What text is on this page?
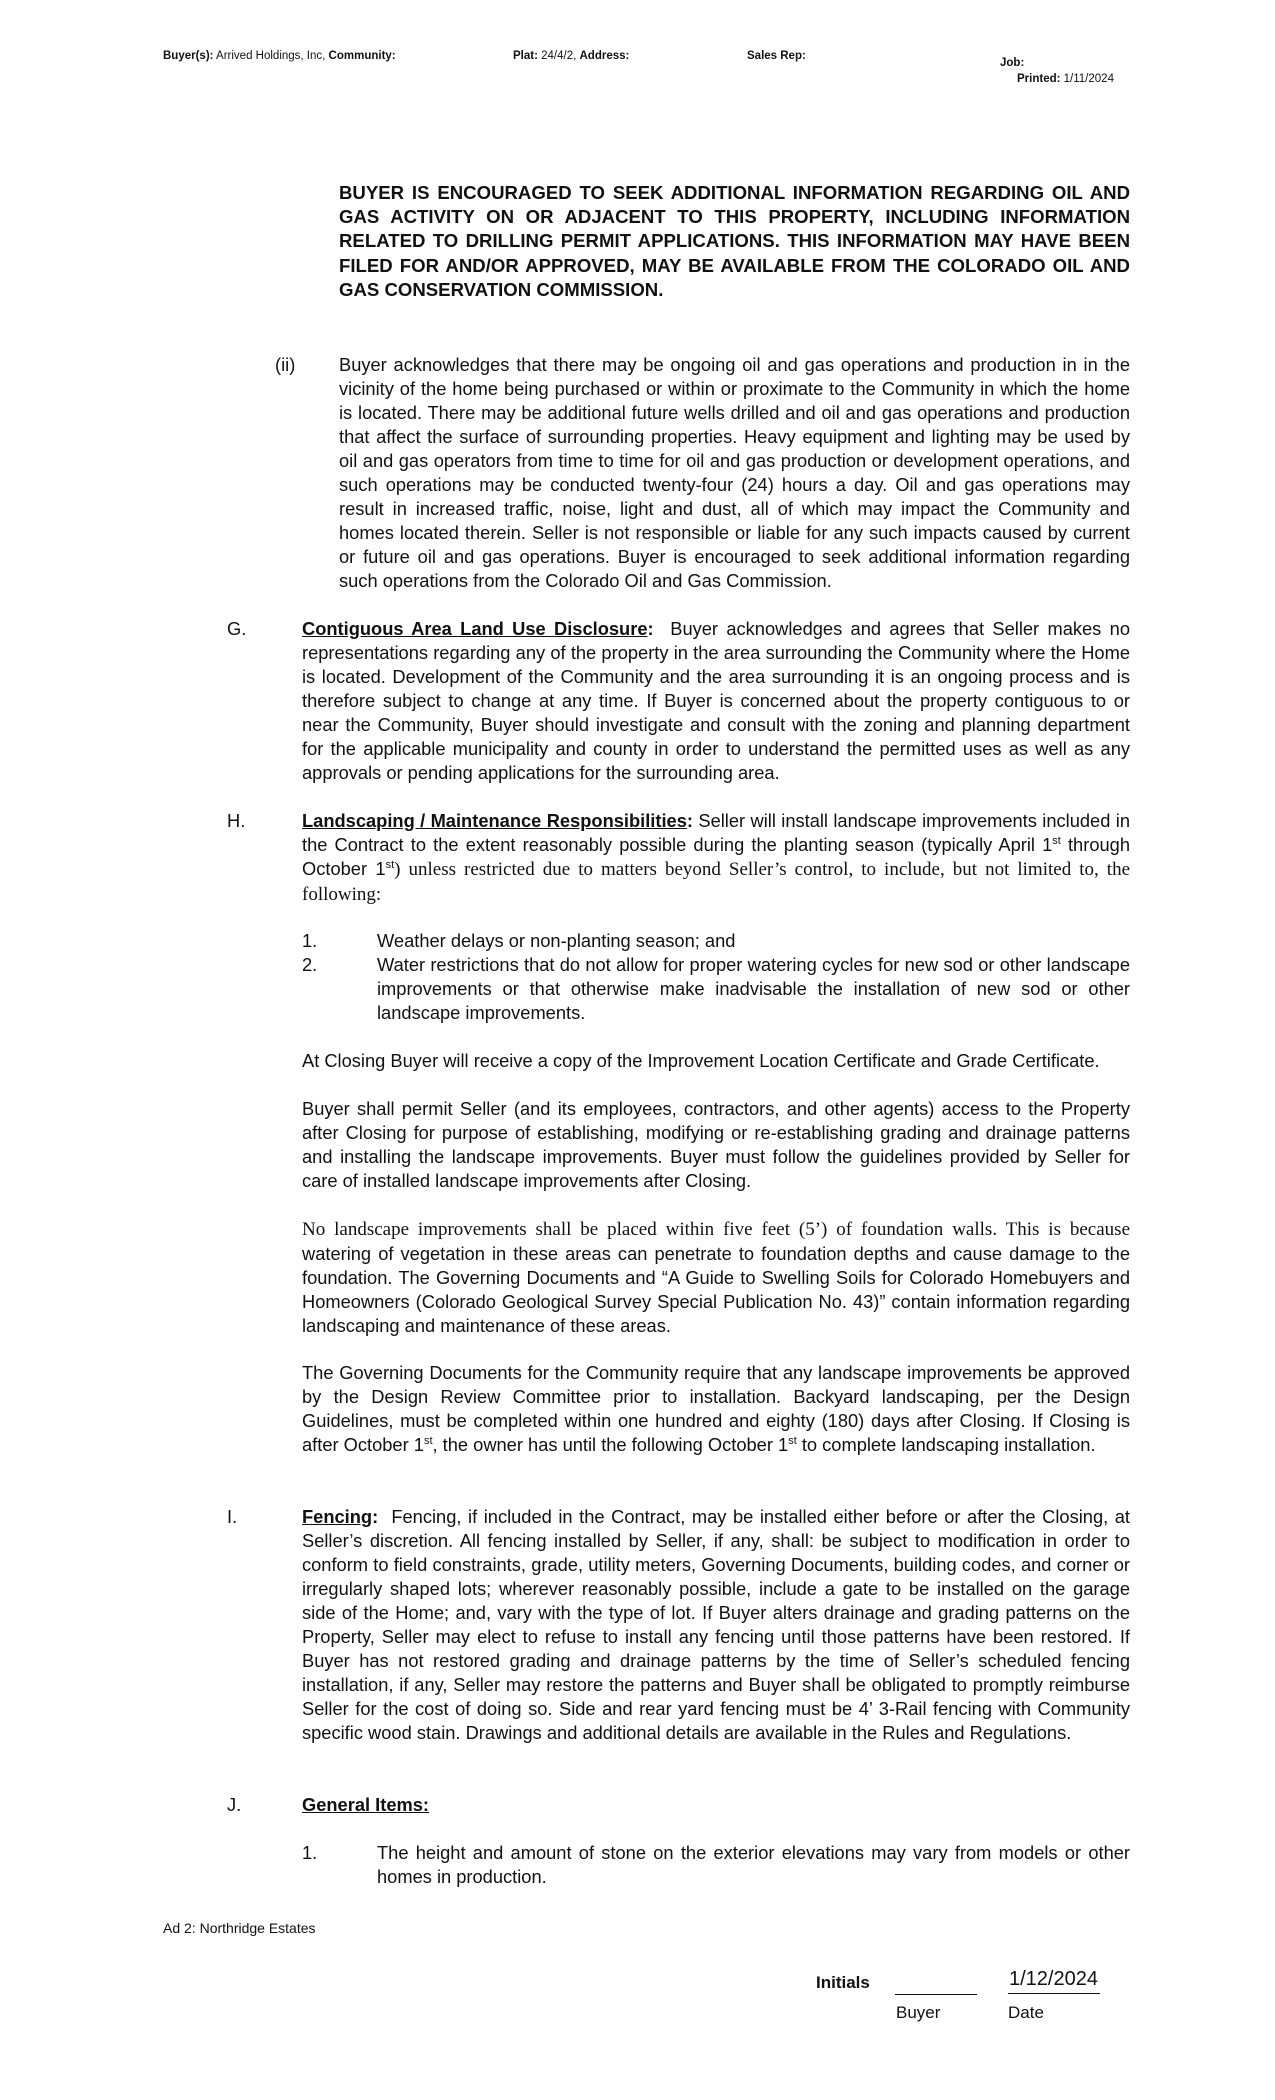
Buyer(s): Arrived Holdings, Inc, Community:	Plat: 24/4/2, Address:	Sales Rep:
Job:
Printed: 1/11/2024

BUYER IS ENCOURAGED TO SEEK ADDITIONAL INFORMATION REGARDING OIL AND GAS ACTIVITY ON OR ADJACENT TO THIS PROPERTY, INCLUDING INFORMATION RELATED TO DRILLING PERMIT APPLICATIONS. THIS INFORMATION MAY HAVE BEEN FILED FOR AND/OR APPROVED, MAY BE AVAILABLE FROM THE COLORADO OIL AND GAS CONSERVATION COMMISSION.

(ii) Buyer acknowledges that there may be ongoing oil and gas operations and production in in the vicinity of the home being purchased or within or proximate to the Community in which the home is located. There may be additional future wells drilled and oil and gas operations and production that affect the surface of surrounding properties. Heavy equipment and lighting may be used by oil and gas operators from time to time for oil and gas production or development operations, and such operations may be conducted twenty-four (24) hours a day. Oil and gas operations may result in increased traffic, noise, light and dust, all of which may impact the Community and homes located therein. Seller is not responsible or liable for any such impacts caused by current or future oil and gas operations. Buyer is encouraged to seek additional information regarding such operations from the Colorado Oil and Gas Commission.

G.	Contiguous Area Land Use Disclosure: Buyer acknowledges and agrees that Seller makes no representations regarding any of the property in the area surrounding the Community where the Home is located. Development of the Community and the area surrounding it is an ongoing process and is therefore subject to change at any time. If Buyer is concerned about the property contiguous to or near the Community, Buyer should investigate and consult with the zoning and planning department for the applicable municipality and county in order to understand the permitted uses as well as any approvals or pending applications for the surrounding area.

H.	Landscaping / Maintenance Responsibilities: Seller will install landscape improvements included in the Contract to the extent reasonably possible during the planting season (typically April 1st through October 1st) unless restricted due to matters beyond Seller’s control, to include, but not limited to, the following:

1.	Weather delays or non-planting season; and

2.	Water restrictions that do not allow for proper watering cycles for new sod or other landscape improvements or that otherwise make inadvisable the installation of new sod or other landscape improvements.

At Closing Buyer will receive a copy of the Improvement Location Certificate and Grade Certificate.

Buyer shall permit Seller (and its employees, contractors, and other agents) access to the Property after Closing for purpose of establishing, modifying or re-establishing grading and drainage patterns and installing the landscape improvements. Buyer must follow the guidelines provided by Seller for care of installed landscape improvements after Closing.

No landscape improvements shall be placed within five feet (5’) of foundation walls. This is because watering of vegetation in these areas can penetrate to foundation depths and cause damage to the foundation. The Governing Documents and “A Guide to Swelling Soils for Colorado Homebuyers and Homeowners (Colorado Geological Survey Special Publication No. 43)” contain information regarding landscaping and maintenance of these areas.

The Governing Documents for the Community require that any landscape improvements be approved by the Design Review Committee prior to installation. Backyard landscaping, per the Design Guidelines, must be completed within one hundred and eighty (180) days after Closing. If Closing is after October 1st, the owner has until the following October 1st to complete landscaping installation.

I.	Fencing: Fencing, if included in the Contract, may be installed either before or after the Closing, at Seller’s discretion. All fencing installed by Seller, if any, shall: be subject to modification in order to conform to field constraints, grade, utility meters, Governing Documents, building codes, and corner or irregularly shaped lots; wherever reasonably possible, include a gate to be installed on the garage side of the Home; and, vary with the type of lot. If Buyer alters drainage and grading patterns on the Property, Seller may elect to refuse to install any fencing until those patterns have been restored. If Buyer has not restored grading and drainage patterns by the time of Seller’s scheduled fencing installation, if any, Seller may restore the patterns and Buyer shall be obligated to promptly reimburse Seller for the cost of doing so. Side and rear yard fencing must be 4’ 3-Rail fencing with Community specific wood stain. Drawings and additional details are available in the Rules and Regulations.

J.	General Items:
1.	The height and amount of stone on the exterior elevations may vary from models or other homes in production.

Ad 2: Northridge Estates
Initials	1/12/2024
Buyer	Date
